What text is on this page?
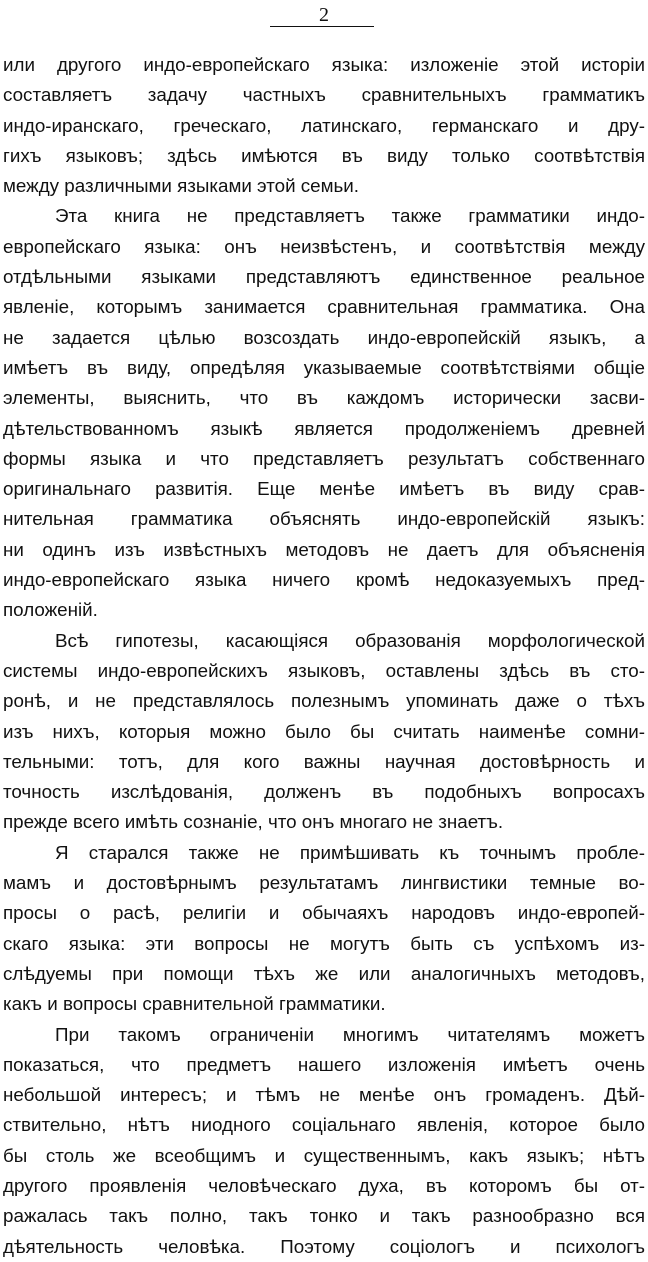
2
или другого индо-европейскаго языка: изложеніе этой исторіи
составляетъ задачу частныхъ сравнительныхъ грамматикъ
индо-иранскаго, греческаго, латинскаго, германскаго и дру-
гихъ языковъ; здѣсь имѣются въ виду только соотвѣтствія
между различными языками этой семьи.
Эта книга не представляетъ также грамматики индо-
европейскаго языка: онъ неизвѣстенъ, и соотвѣтствія между
отдѣльными языками представляютъ единственное реальное
явленіе, которымъ занимается сравнительная грамматика. Она
не задается цѣлью возсоздать индо-европейскій языкъ, а
имѣетъ въ виду, опредѣляя указываемые соотвѣтствіями общіе
элементы, выяснить, что въ каждомъ исторически засви-
дѣтельствованномъ языкѣ является продолженіемъ древней
формы языка и что представляетъ результатъ собственнаго
оригинальнаго развитія. Еще менѣе имѣетъ въ виду срав-
нительная грамматика объяснять индо-европейскій языкъ:
ни одинъ изъ извѣстныхъ методовъ не даетъ для объясненія
индо-европейскаго языка ничего кромѣ недоказуемыхъ пред-
положеній.
Всѣ гипотезы, касающіяся образованія морфологической
системы индо-европейскихъ языковъ, оставлены здѣсь въ сто-
ронѣ, и не представлялось полезнымъ упоминать даже о тѣхъ
изъ нихъ, которыя можно было бы считать наименѣе сомни-
тельными: тотъ, для кого важны научная достовѣрность и
точность изслѣдованія, долженъ въ подобныхъ вопросахъ
прежде всего имѣть сознаніе, что онъ многаго не знаетъ.
Я старался также не примѣшивать къ точнымъ пробле-
мамъ и достовѣрнымъ результатамъ лингвистики темные во-
просы о расѣ, религіи и обычаяхъ народовъ индо-европей-
скаго языка: эти вопросы не могутъ быть съ успѣхомъ из-
слѣдуемы при помощи тѣхъ же или аналогичныхъ методовъ,
какъ и вопросы сравнительной грамматики.
При такомъ ограниченіи многимъ читателямъ можетъ
показаться, что предметъ нашего изложенія имѣетъ очень
небольшой интересъ; и тѣмъ не менѣе онъ громаденъ. Дѣй-
ствительно, нѣтъ ниодного соціальнаго явленія, которое было
бы столь же всеобщимъ и существеннымъ, какъ языкъ; нѣтъ
другого проявленія человѣческаго духа, въ которомъ бы от-
ражалась такъ полно, такъ тонко и такъ разнообразно вся
дѣятельность человѣка. Поэтому соціологъ и психологъ
